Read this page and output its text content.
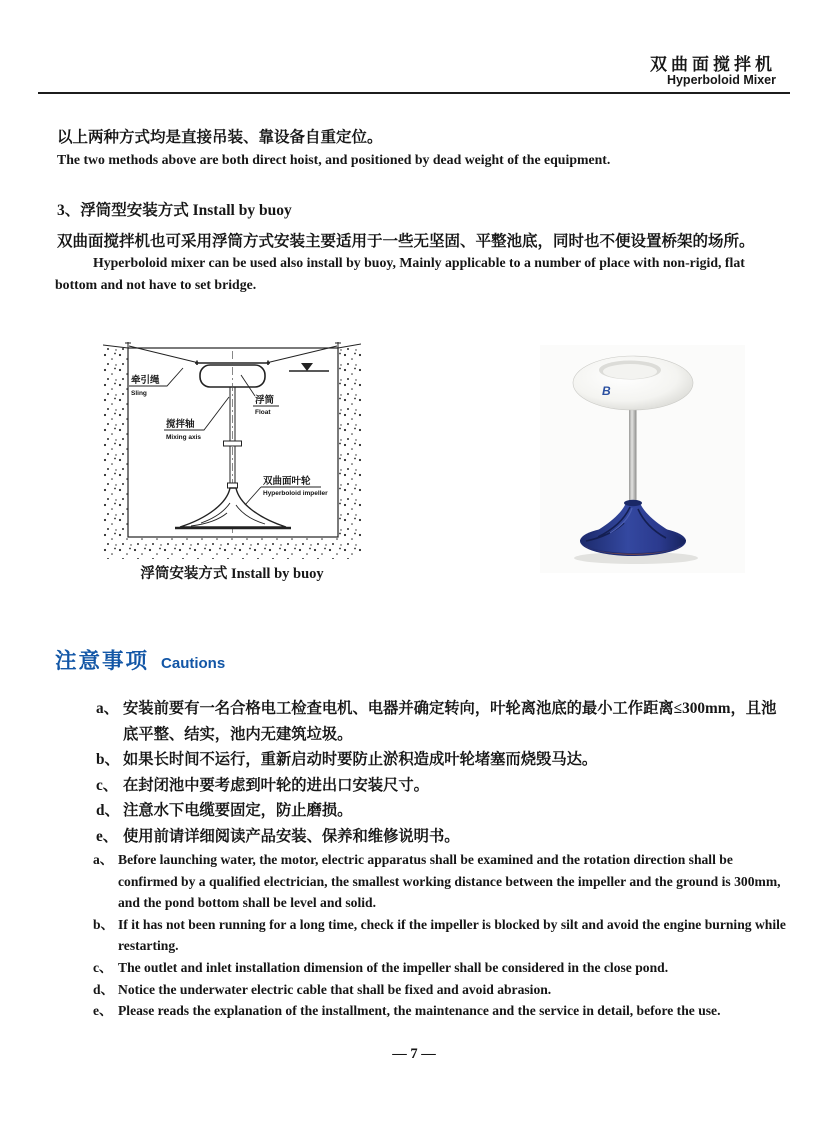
双曲面搅拌机
Hyperboloid Mixer
以上两种方式均是直接吊装、靠设备自重定位。
The two methods above are both direct hoist, and positioned by dead weight of the equipment.
3、浮筒型安装方式 Install by buoy
双曲面搅拌机也可采用浮筒方式安装主要适用于一些无坚固、平整池底，同时也不便设置桥架的场所。
Hyperboloid mixer can be used also install by buoy, Mainly applicable to a number of place with non-rigid, flat bottom and not have to set bridge.
牵引绳
Sling
浮筒
Float
搅拌轴
Mixing axis
双曲面叶轮
Hyperboloid impeller
浮筒安装方式 Install by buoy
B
注意事项 Cautions
a、 安装前要有一名合格电工检查电机、电器并确定转向，叶轮离池底的最小工作距离≤300mm，且池底平整、结实，池内无建筑垃圾。
b、 如果长时间不运行，重新启动时要防止淤积造成叶轮堵塞而烧毁马达。
c、 在封闭池中要考虑到叶轮的进出口安装尺寸。
d、 注意水下电缆要固定，防止磨损。
e、 使用前请详细阅读产品安装、保养和维修说明书。
a、 Before launching water, the motor, electric apparatus shall be examined and the rotation direction shall be confirmed by a qualified electrician, the smallest working distance between the impeller and the ground is 300mm, and the pond bottom shall be level and solid.
b、 If it has not been running for a long time, check if the impeller is blocked by silt and avoid the engine burning while restarting.
c、 The outlet and inlet installation dimension of the impeller shall be considered in the close pond.
d、 Notice the underwater electric cable that shall be fixed and avoid abrasion.
e、 Please reads the explanation of the installment, the maintenance and the service in detail, before the use.
— 7 —
